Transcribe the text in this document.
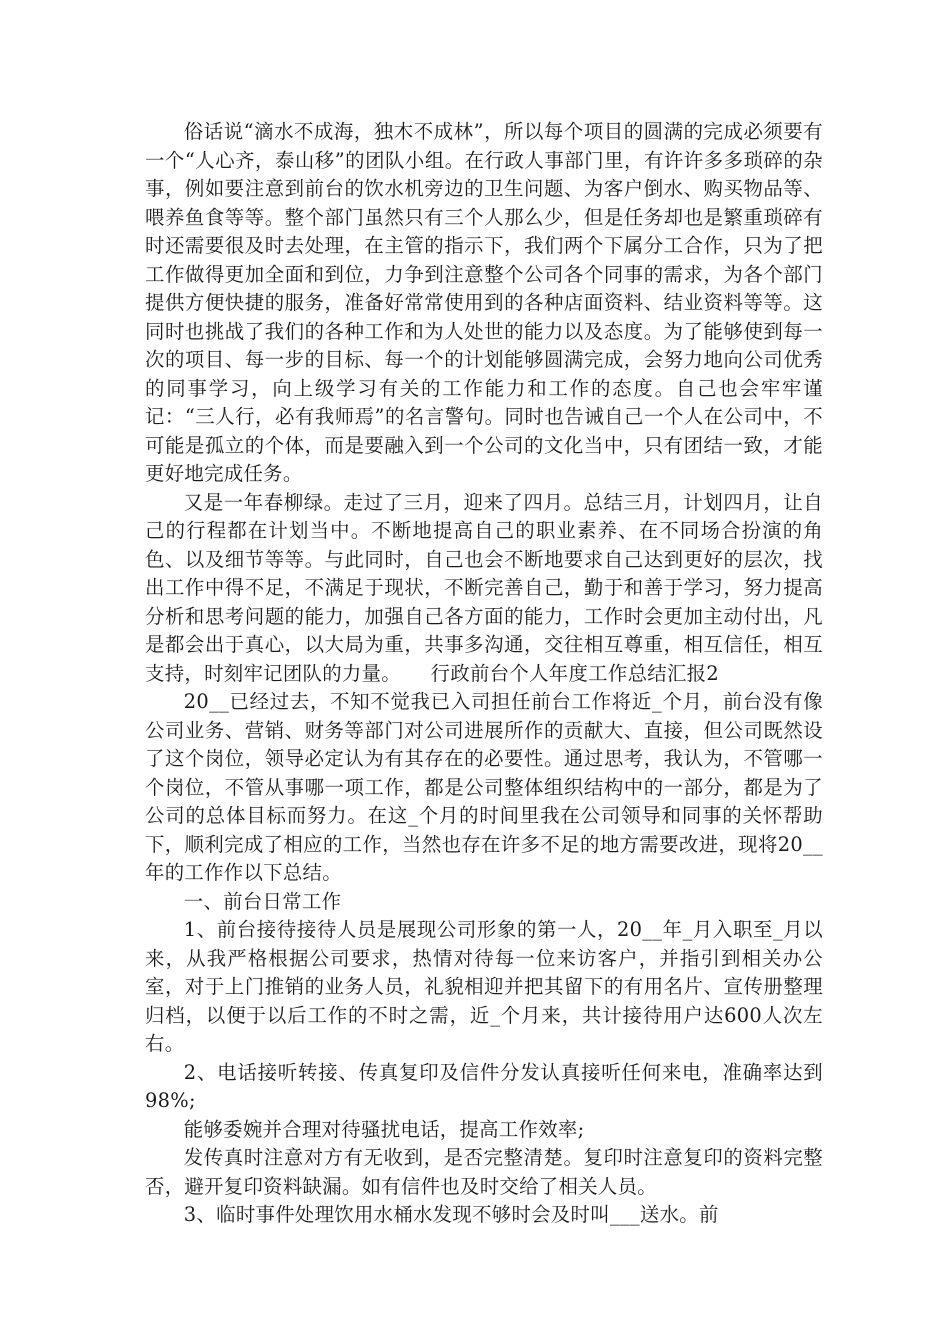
俗话说“滴水不成海，独木不成林”，所以每个项目的圆满的完成必须要有一个“人心齐，泰山移”的团队小组。在行政人事部门里，有许许多多琐碎的杂事，例如要注意到前台的饮水机旁边的卫生问题、为客户倒水、购买物品等、喂养鱼食等等。整个部门虽然只有三个人那么少，但是任务却也是繁重琐碎有时还需要很及时去处理，在主管的指示下，我们两个下属分工合作，只为了把工作做得更加全面和到位，力争到注意整个公司各个同事的需求，为各个部门提供方便快捷的服务，准备好常常使用到的各种店面资料、结业资料等等。这同时也挑战了我们的各种工作和为人处世的能力以及态度。为了能够使到每一次的项目、每一步的目标、每一个的计划能够圆满完成，会努力地向公司优秀的同事学习，向上级学习有关的工作能力和工作的态度。自己也会牢牢谨记：“三人行，必有我师焉”的名言警句。同时也告诫自己一个人在公司中，不可能是孤立的个体，而是要融入到一个公司的文化当中，只有团结一致，才能更好地完成任务。

又是一年春柳绿。走过了三月，迎来了四月。总结三月，计划四月，让自己的行程都在计划当中。不断地提高自己的职业素养、在不同场合扮演的角色、以及细节等等。与此同时，自己也会不断地要求自己达到更好的层次，找出工作中得不足，不满足于现状，不断完善自己，勤于和善于学习，努力提高分析和思考问题的能力，加强自己各方面的能力，工作时会更加主动付出，凡是都会出于真心，以大局为重，共事多沟通，交往相互尊重，相互信任，相互支持，时刻牢记团队的力量。　　行政前台个人年度工作总结汇报2

20__已经过去，不知不觉我已入司担任前台工作将近_个月，前台没有像公司业务、营销、财务等部门对公司进展所作的贡献大、直接，但公司既然设了这个岗位，领导必定认为有其存在的必要性。通过思考，我认为，不管哪一个岗位，不管从事哪一项工作，都是公司整体组织结构中的一部分，都是为了公司的总体目标而努力。在这_个月的时间里我在公司领导和同事的关怀帮助下，顺利完成了相应的工作，当然也存在许多不足的地方需要改进，现将20__年的工作作以下总结。

一、前台日常工作

1、前台接待接待人员是展现公司形象的第一人，20__年_月入职至_月以来，从我严格根据公司要求，热情对待每一位来访客户，并指引到相关办公室，对于上门推销的业务人员，礼貌相迎并把其留下的有用名片、宣传册整理归档，以便于以后工作的不时之需，近_个月来，共计接待用户达600人次左右。

2、电话接听转接、传真复印及信件分发认真接听任何来电，准确率达到98%;

能够委婉并合理对待骚扰电话，提高工作效率;

发传真时注意对方有无收到，是否完整清楚。复印时注意复印的资料完整否，避开复印资料缺漏。如有信件也及时交给了相关人员。

3、临时事件处理饮用水桶水发现不够时会及时叫___送水。前
